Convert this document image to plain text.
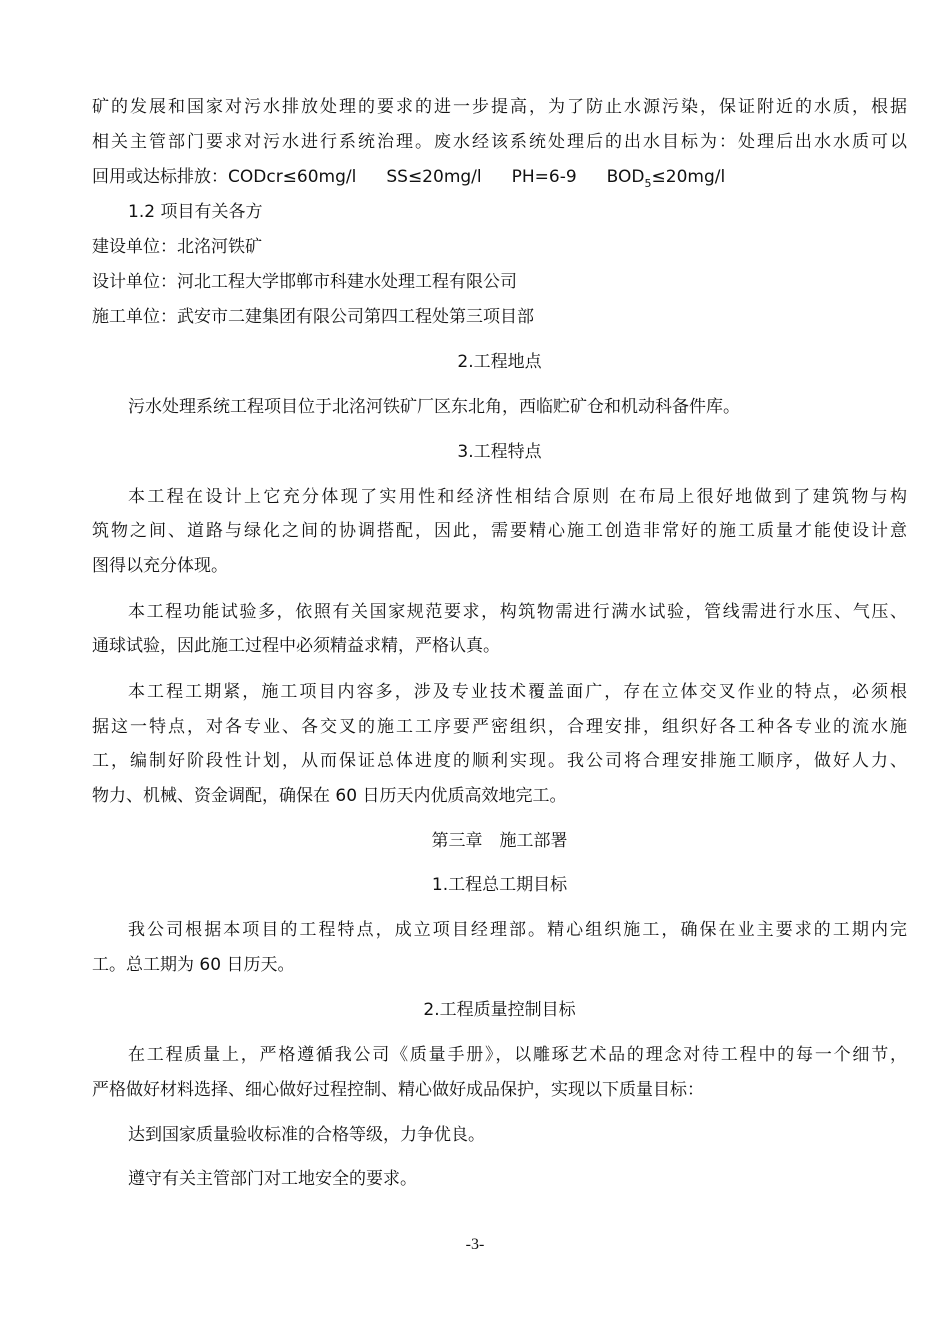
矿的发展和国家对污水排放处理的要求的进一步提高，为了防止水源污染，保证附近的水质，根据
相关主管部门要求对污水进行系统治理。废水经该系统处理后的出水目标为：处理后出水水质可以
回用或达标排放：CODcr≤60mg/l SS≤20mg/l PH=6-9 $BOD_5\le 20mg/l$
1.2 项目有关各方
建设单位：北洺河铁矿
设计单位：河北工程大学邯郸市科建水处理工程有限公司
施工单位：武安市二建集团有限公司第四工程处第三项目部
2.工程地点
污水处理系统工程项目位于北洺河铁矿厂区东北角，西临贮矿仓和机动科备件库。
3.工程特点
本工程在设计上它充分体现了实用性和经济性相结合原则 在布局上很好地做到了建筑物与构
筑物之间、道路与绿化之间的协调搭配，因此，需要精心施工创造非常好的施工质量才能使设计意
图得以充分体现。
本工程功能试验多，依照有关国家规范要求，构筑物需进行满水试验，管线需进行水压、气压、
通球试验，因此施工过程中必须精益求精，严格认真。
本工程工期紧，施工项目内容多，涉及专业技术覆盖面广，存在立体交叉作业的特点，必须根
据这一特点，对各专业、各交叉的施工工序要严密组织，合理安排，组织好各工种各专业的流水施
工，编制好阶段性计划，从而保证总体进度的顺利实现。我公司将合理安排施工顺序，做好人力、
物力、机械、资金调配，确保在 60 日历天内优质高效地完工。
第三章　施工部署
1.工程总工期目标
我公司根据本项目的工程特点，成立项目经理部。精心组织施工，确保在业主要求的工期内完
工。总工期为 60 日历天。
2.工程质量控制目标
在工程质量上，严格遵循我公司《质量手册》，以雕琢艺术品的理念对待工程中的每一个细节，
严格做好材料选择、细心做好过程控制、精心做好成品保护，实现以下质量目标：
达到国家质量验收标准的合格等级，力争优良。
遵守有关主管部门对工地安全的要求。
-3-
